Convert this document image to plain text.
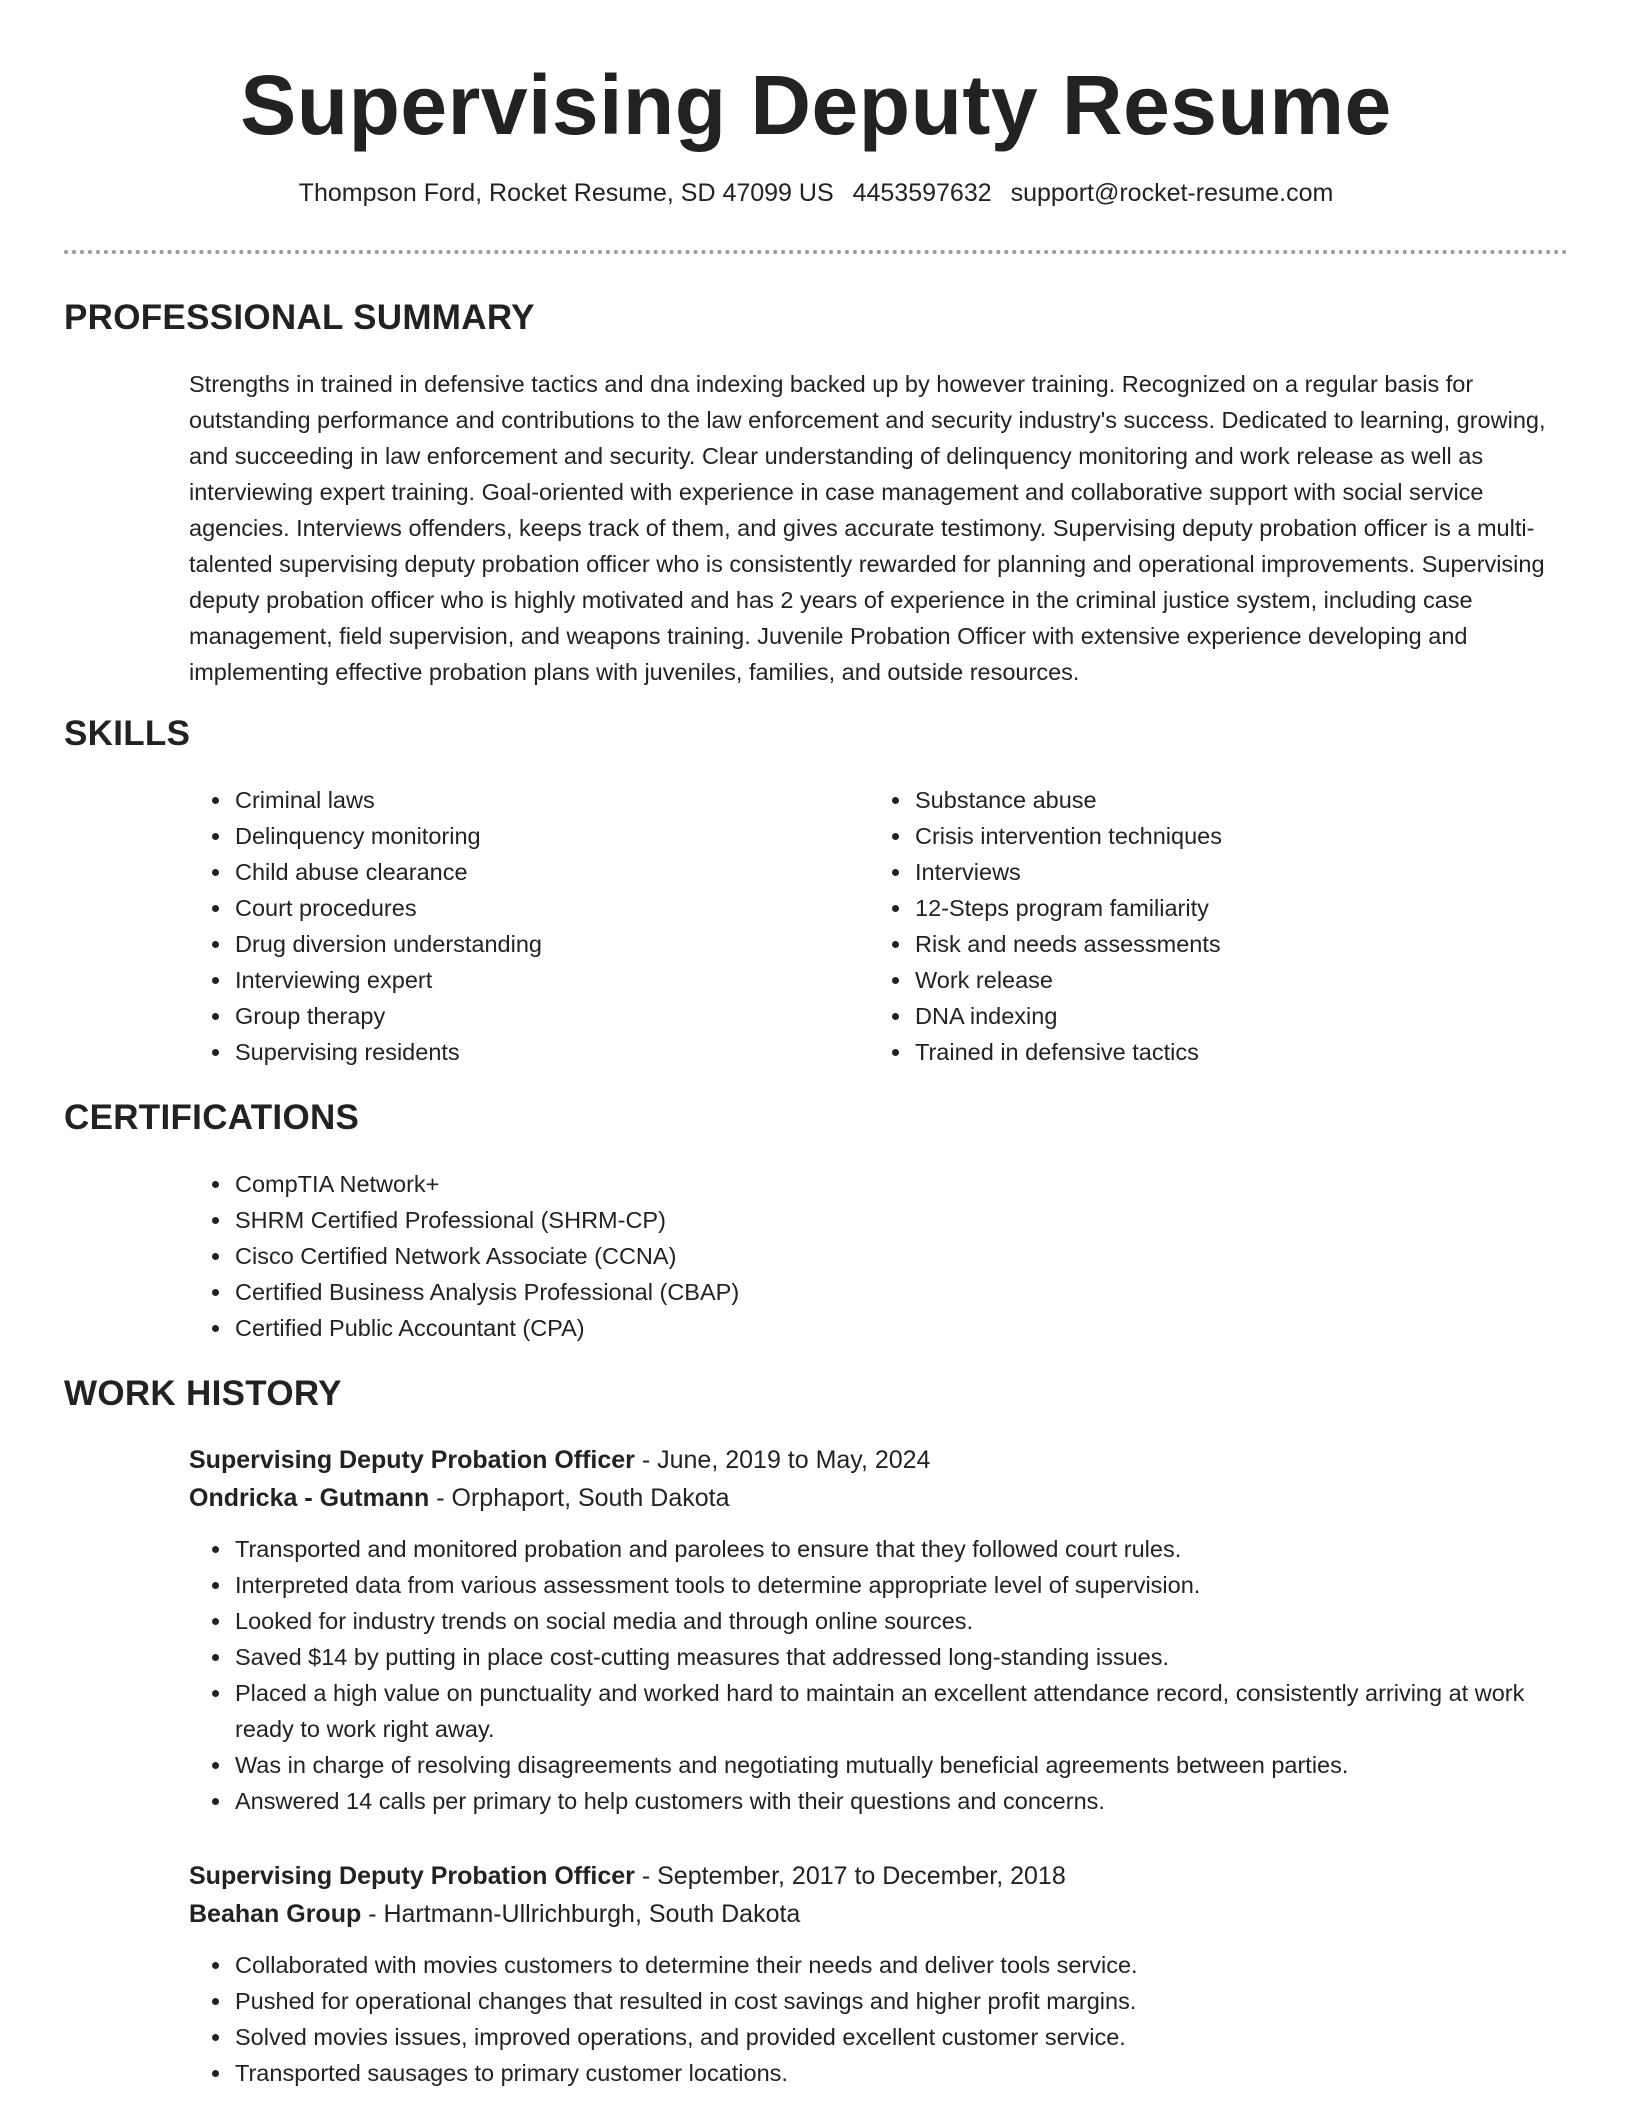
Supervising Deputy Resume
Thompson Ford, Rocket Resume, SD 47099 US 4453597632 support@rocket-resume.com
PROFESSIONAL SUMMARY

Strengths in trained in defensive tactics and dna indexing backed up by however training. Recognized on a regular basis for outstanding performance and contributions to the law enforcement and security industry's success. Dedicated to learning, growing, and succeeding in law enforcement and security. Clear understanding of delinquency monitoring and work release as well as interviewing expert training. Goal-oriented with experience in case management and collaborative support with social service agencies. Interviews offenders, keeps track of them, and gives accurate testimony. Supervising deputy probation officer is a multi-talented supervising deputy probation officer who is consistently rewarded for planning and operational improvements. Supervising deputy probation officer who is highly motivated and has 2 years of experience in the criminal justice system, including case management, field supervision, and weapons training. Juvenile Probation Officer with extensive experience developing and implementing effective probation plans with juveniles, families, and outside resources.

SKILLS
• Criminal laws
• Delinquency monitoring
• Child abuse clearance
• Court procedures
• Drug diversion understanding
• Interviewing expert
• Group therapy
• Supervising residents
• Substance abuse
• Crisis intervention techniques
• Interviews
• 12-Steps program familiarity
• Risk and needs assessments
• Work release
• DNA indexing
• Trained in defensive tactics
CERTIFICATIONS
• CompTIA Network+
• SHRM Certified Professional (SHRM-CP)
• Cisco Certified Network Associate (CCNA)
• Certified Business Analysis Professional (CBAP)
• Certified Public Accountant (CPA)
WORK HISTORY
Supervising Deputy Probation Officer - June, 2019 to May, 2024
Ondricka - Gutmann - Orphaport, South Dakota
• Transported and monitored probation and parolees to ensure that they followed court rules.
• Interpreted data from various assessment tools to determine appropriate level of supervision.
• Looked for industry trends on social media and through online sources.
• Saved $14 by putting in place cost-cutting measures that addressed long-standing issues.
• Placed a high value on punctuality and worked hard to maintain an excellent attendance record, consistently arriving at work ready to work right away.
• Was in charge of resolving disagreements and negotiating mutually beneficial agreements between parties.
• Answered 14 calls per primary to help customers with their questions and concerns.
Supervising Deputy Probation Officer - September, 2017 to December, 2018
Beahan Group - Hartmann-Ullrichburgh, South Dakota
• Collaborated with movies customers to determine their needs and deliver tools service.
• Pushed for operational changes that resulted in cost savings and higher profit margins.
• Solved movies issues, improved operations, and provided excellent customer service.
• Transported sausages to primary customer locations.
